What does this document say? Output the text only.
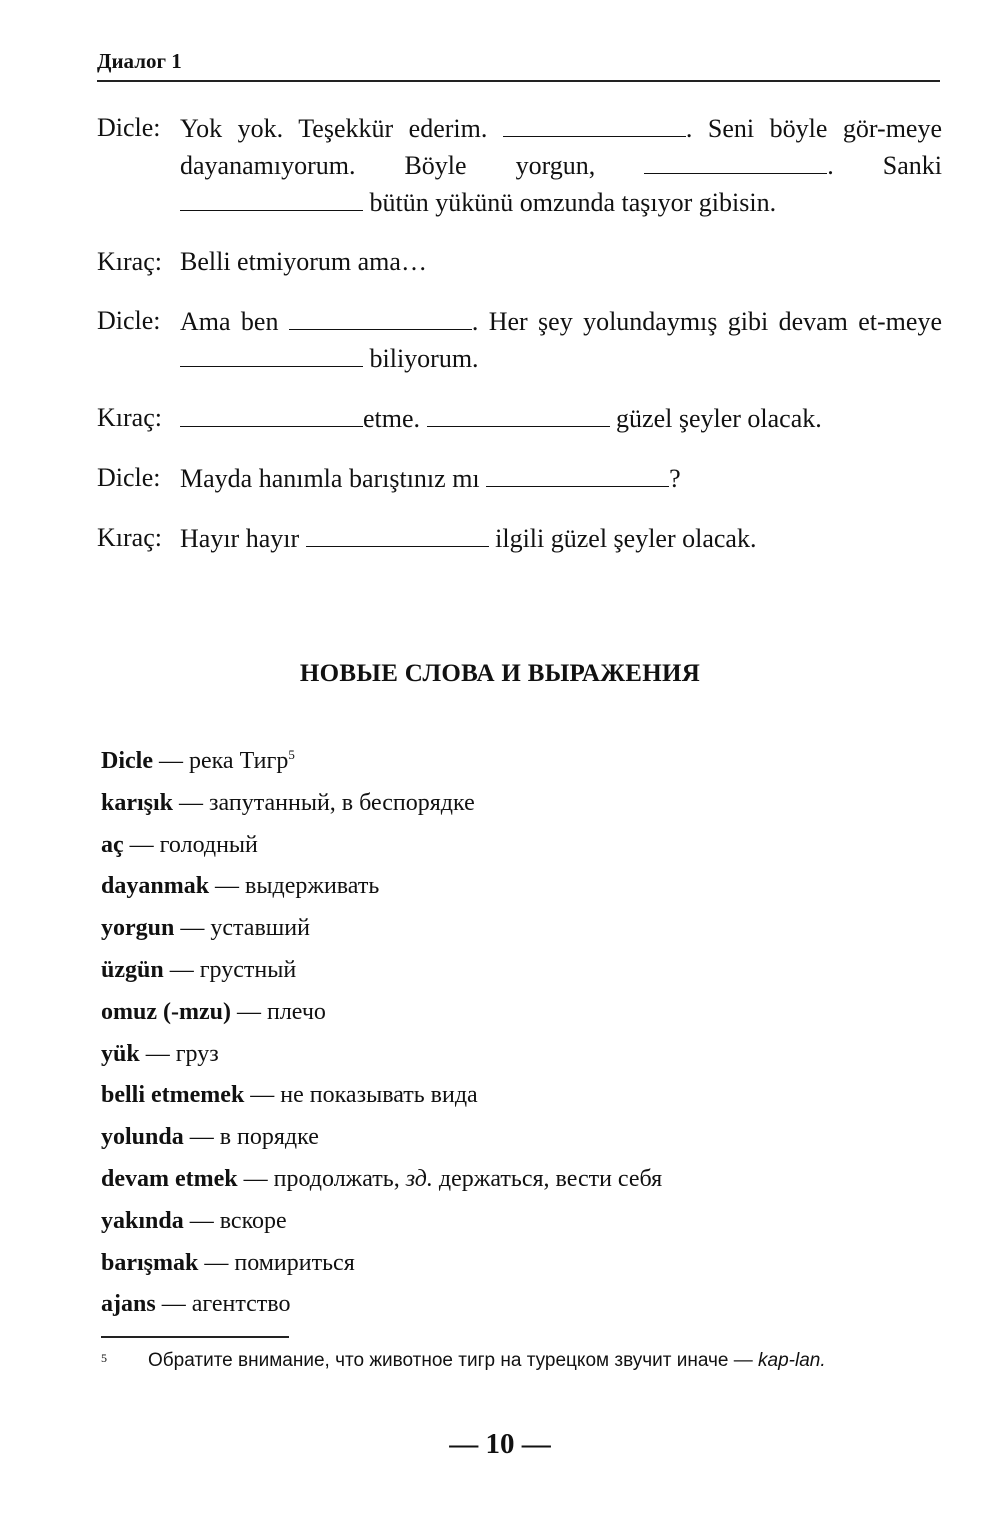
Диалог 1
Dicle: Yok yok. Teşekkür ederim.	. Seni böyle gör-meye dayanamıyorum. Böyle yorgun,	. Sanki  bütün yükünü omzunda taşıyor gibisin.
Kıraç: Belli etmiyorum ama…
Dicle: Ama ben	. Her şey yolundaymış gibi devam et-meye  biliyorum.
Kıraç:	etme.	güzel şeyler olacak.
Dicle: Mayda hanımla barıştınız mı	?
Kıraç: Hayır hayır	ilgili güzel şeyler olacak.
НОВЫЕ СЛОВА И ВЫРАЖЕНИЯ
Dicle — река Тигр$^5$
karışık — запутанный, в беспорядке
aç — голодный
dayanmak — выдерживать
yorgun — уставший
üzgün — грустный
omuz (-mzu) — плечо
yük — груз
belli etmemek — не показывать вида
yolunda — в порядке
devam etmek — продолжать, зд. держаться, вести себя
yakında — вскоре
barışmak — помириться
ajans — агентство
5 Обратите внимание, что животное тигр на турецком звучит иначе — kap-lan.
— 10 —
